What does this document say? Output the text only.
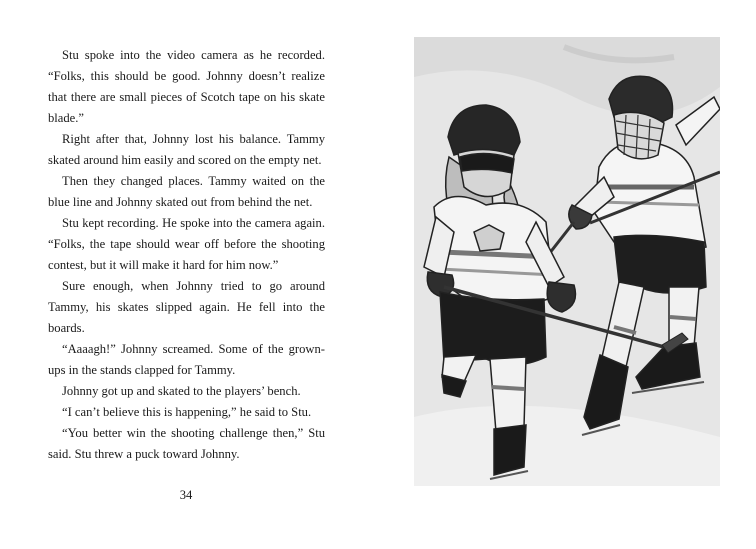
Stu spoke into the video camera as he recorded. “Folks, this should be good. Johnny doesn’t realize that there are small pieces of Scotch tape on his skate blade.”

Right after that, Johnny lost his balance. Tammy skated around him easily and scored on the empty net.

Then they changed places. Tammy waited on the blue line and Johnny skated out from behind the net.

Stu kept recording. He spoke into the camera again. “Folks, the tape should wear off before the shooting contest, but it will make it hard for him now.”

Sure enough, when Johnny tried to go around Tammy, his skates slipped again. He fell into the boards.

“Aaaagh!” Johnny screamed. Some of the grown-ups in the stands clapped for Tammy.

Johnny got up and skated to the players’ bench.

“I can’t believe this is happening,” he said to Stu.

“You better win the shooting challenge then,” Stu said. Stu threw a puck toward Johnny.

34
